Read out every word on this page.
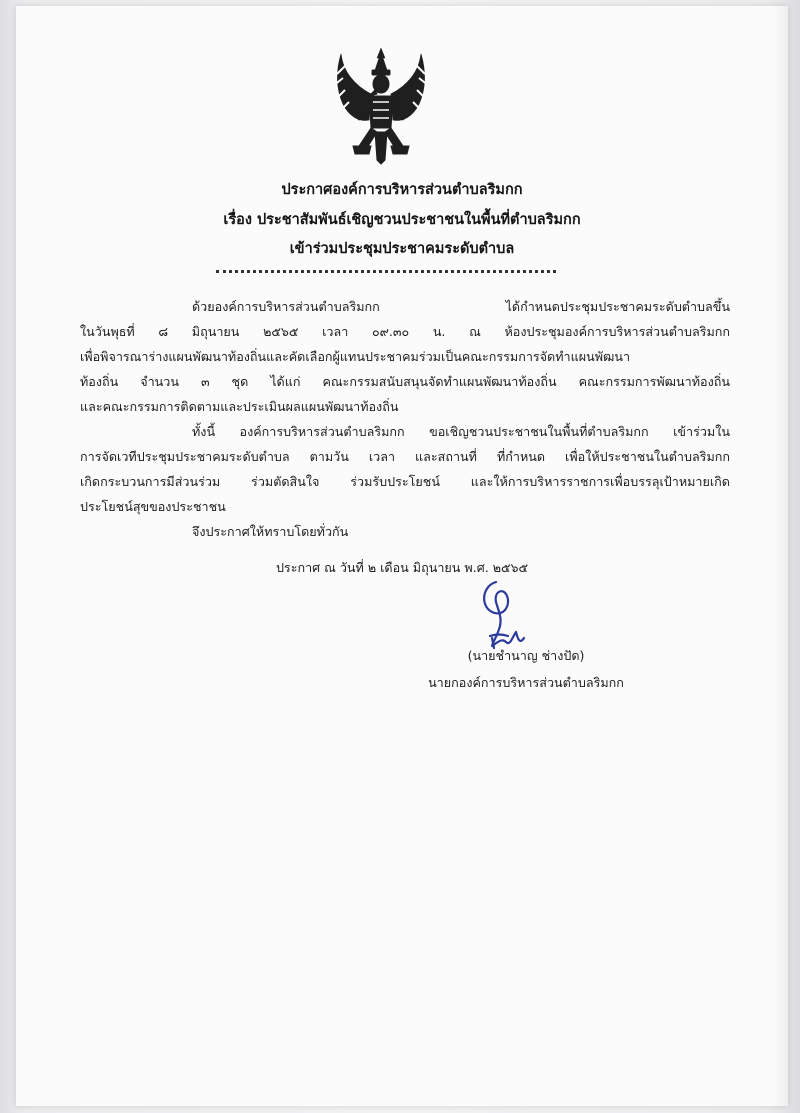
ประกาศองค์การบริหารส่วนตำบลริมกก
เรื่อง ประชาสัมพันธ์เชิญชวนประชาชนในพื้นที่ตำบลริมกก
เข้าร่วมประชุมประชาคมระดับตำบล
ด้วยองค์การบริหารส่วนตำบลริมกก ได้กำหนดประชุมประชาคมระดับตำบลขึ้น
ในวันพุธที่ ๘ มิถุนายน ๒๕๖๕ เวลา ๐๙.๓๐ น. ณ ห้องประชุมองค์การบริหารส่วนตำบลริมกก
เพื่อพิจารณาร่างแผนพัฒนาท้องถิ่นและคัดเลือกผู้แทนประชาคมร่วมเป็นคณะกรรมการจัดทำแผนพัฒนา
ท้องถิ่น จำนวน ๓ ชุด ได้แก่ คณะกรรมสนับสนุนจัดทำแผนพัฒนาท้องถิ่น คณะกรรมการพัฒนาท้องถิ่น
และคณะกรรมการติดตามและประเมินผลแผนพัฒนาท้องถิ่น
ทั้งนี้ องค์การบริหารส่วนตำบลริมกก ขอเชิญชวนประชาชนในพื้นที่ตำบลริมกก เข้าร่วมใน
การจัดเวทีประชุมประชาคมระดับตำบล ตามวัน เวลา และสถานที่ ที่กำหนด เพื่อให้ประชาชนในตำบลริมกก
เกิดกระบวนการมีส่วนร่วม ร่วมตัดสินใจ ร่วมรับประโยชน์ และให้การบริหารราชการเพื่อบรรลุเป้าหมายเกิด
ประโยชน์สุขของประชาชน
จึงประกาศให้ทราบโดยทั่วกัน
ประกาศ ณ วันที่ ๒ เดือน มิถุนายน พ.ศ. ๒๕๖๕
(นายชำนาญ ช่างปัด)
นายกองค์การบริหารส่วนตำบลริมกก
